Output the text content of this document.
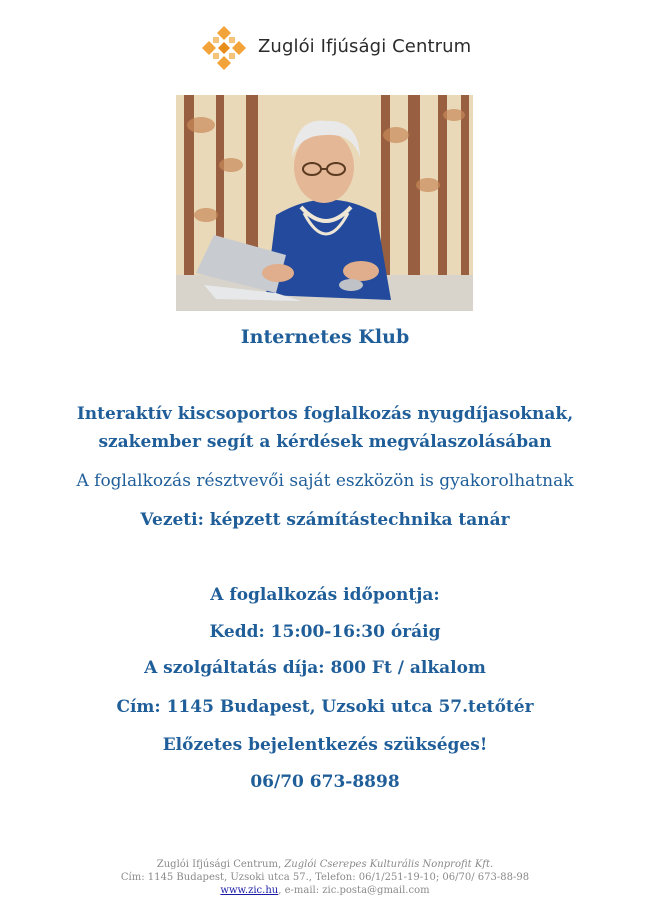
Zuglói Ifjúsági Centrum
Internetes Klub
Interaktív kiscsoportos foglalkozás nyugdíjasoknak,
szakember segít a kérdések megválaszolásában
A foglalkozás résztvevői saját eszközön is gyakorolhatnak
Vezeti: képzett számítástechnika tanár
A foglalkozás időpontja:
Kedd: 15:00-16:30 óráig
A szolgáltatás díja: 800 Ft / alkalom
Cím: 1145 Budapest, Uzsoki utca 57.tetőtér
Előzetes bejelentkezés szükséges!
06/70 673-8898
Zuglói Ifjúsági Centrum, Zuglói Cserepes Kulturális Nonprofit Kft.
Cím: 1145 Budapest, Uzsoki utca 57., Telefon: 06/1/251-19-10; 06/70/ 673-88-98
www.zic.hu, e-mail: zic.posta@gmail.com
